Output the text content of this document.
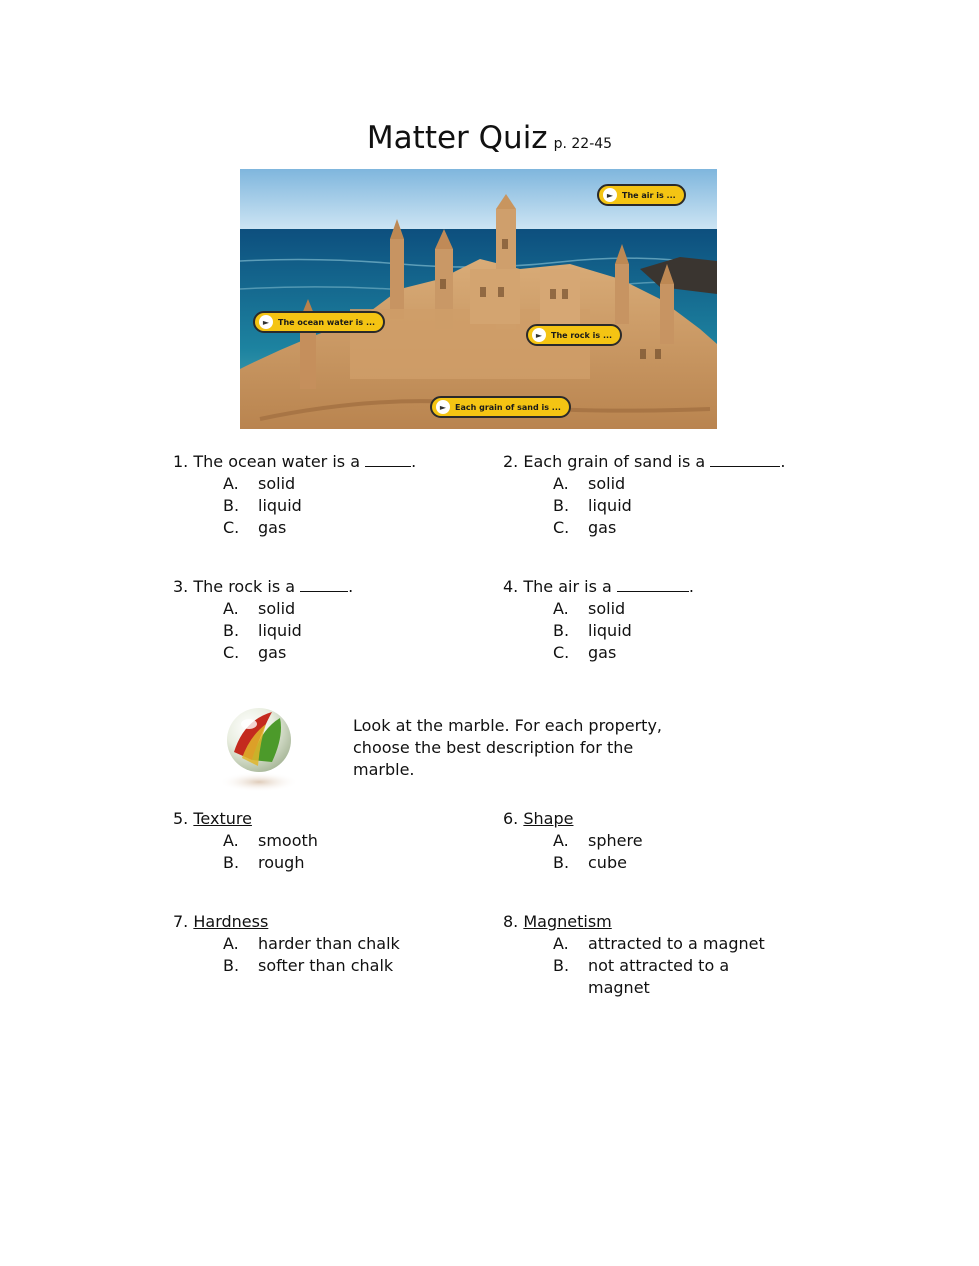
Matter Quiz p. 22-45
►	The air is ...
►	The ocean water is ...
►	The rock is ...
►	Each grain of sand is ...
1. The ocean water is a	.
A. solid
B. liquid
C. gas
2. Each grain of sand is a	.
A. solid
B. liquid
C. gas
3. The rock is a	.
A. solid
B. liquid
C. gas
4. The air is a	.
A. solid
B. liquid
C. gas
Look at the marble. For each property,
choose the best description for the
marble.
5. Texture
A. smooth
B. rough
6. Shape
A. sphere
B. cube
7. Hardness
A. harder than chalk
B. softer than chalk
8. Magnetism
A. attracted to a magnet
B. not attracted to a
magnet
